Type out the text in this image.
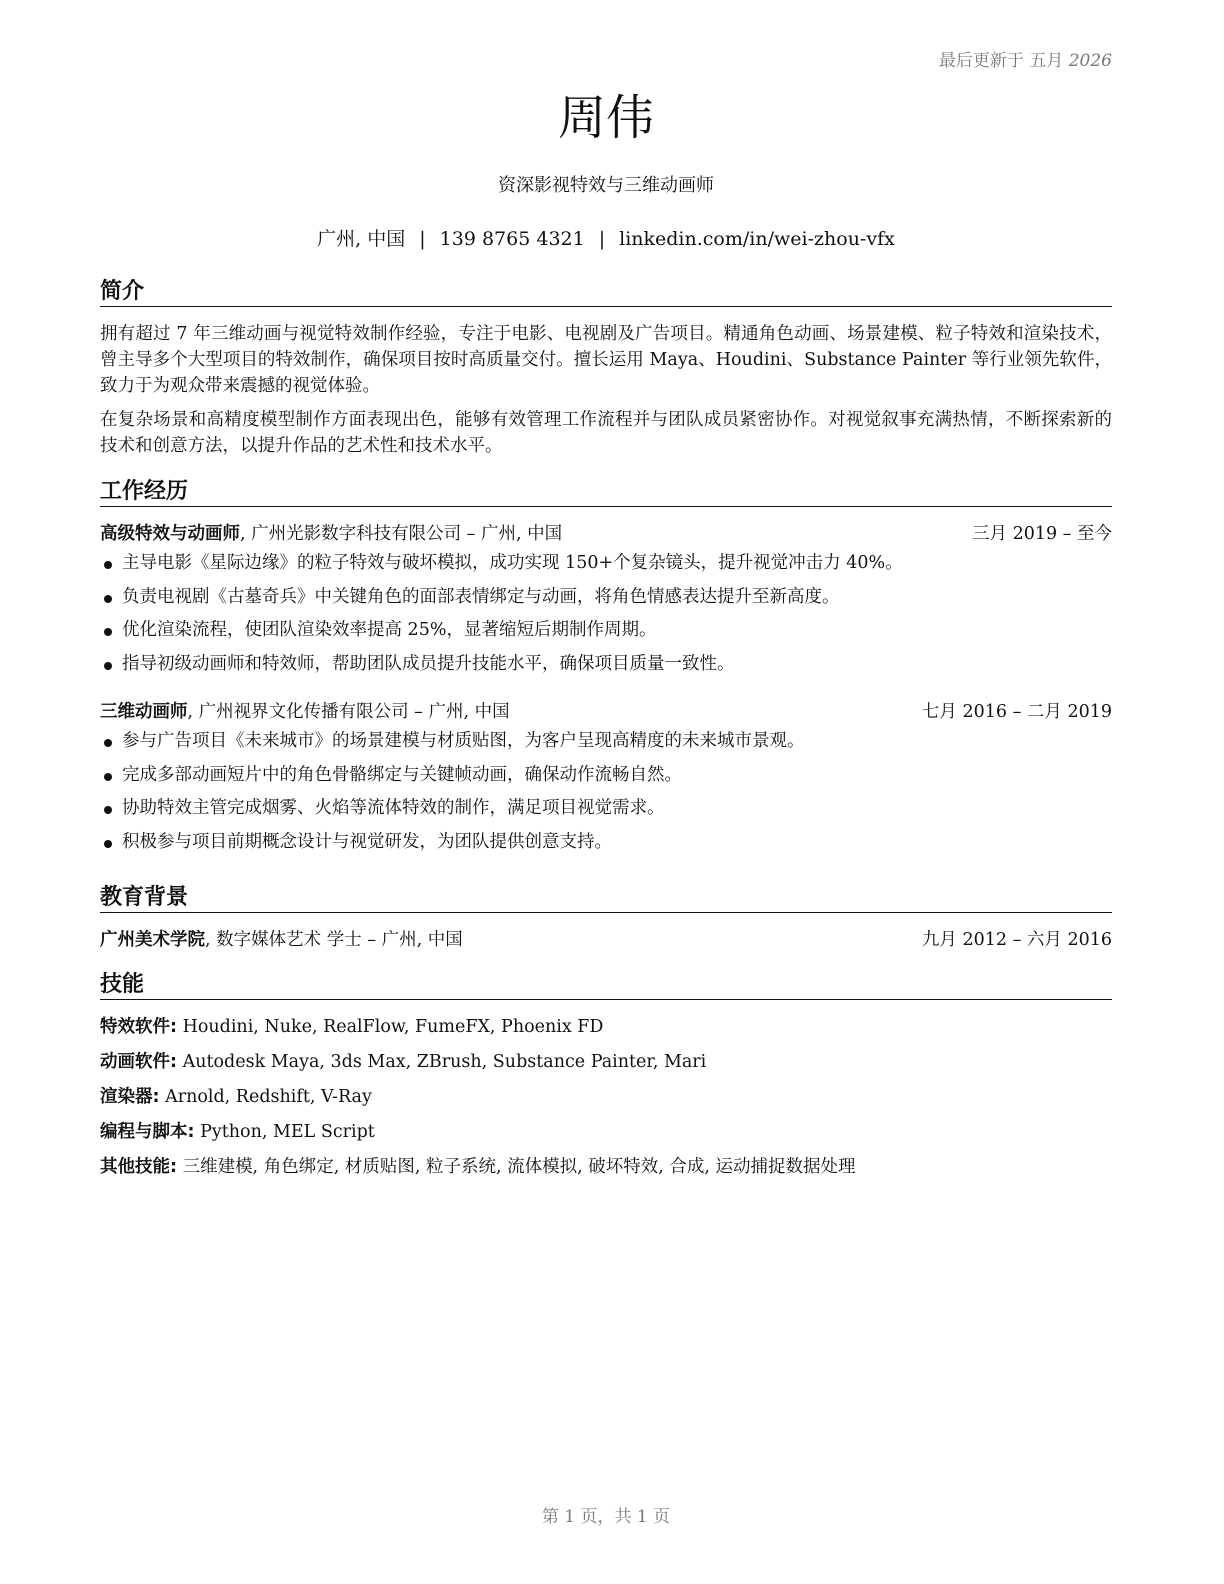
最后更新于 五月 2026
周伟
资深影视特效与三维动画师
广州, 中国 | 139 8765 4321 | linkedin.com/in/wei-zhou-vfx
简介

拥有超过 7 年三维动画与视觉特效制作经验，专注于电影、电视剧及广告项目。精通角色动画、场景建模、粒子特效和渲染技术，曾主导多个大型项目的特效制作，确保项目按时高质量交付。擅长运用 Maya、Houdini、Substance Painter 等行业领先软件，致力于为观众带来震撼的视觉体验。

在复杂场景和高精度模型制作方面表现出色，能够有效管理工作流程并与团队成员紧密协作。对视觉叙事充满热情，不断探索新的技术和创意方法，以提升作品的艺术性和技术水平。

工作经历
高级特效与动画师, 广州光影数字科技有限公司 – 广州, 中国	三月 2019 – 至今
主导电影《星际边缘》的粒子特效与破坏模拟，成功实现 150+个复杂镜头，提升视觉冲击力 40%。
负责电视剧《古墓奇兵》中关键角色的面部表情绑定与动画，将角色情感表达提升至新高度。
优化渲染流程，使团队渲染效率提高 25%，显著缩短后期制作周期。
指导初级动画师和特效师，帮助团队成员提升技能水平，确保项目质量一致性。
三维动画师, 广州视界文化传播有限公司 – 广州, 中国	七月 2016 – 二月 2019
参与广告项目《未来城市》的场景建模与材质贴图，为客户呈现高精度的未来城市景观。
完成多部动画短片中的角色骨骼绑定与关键帧动画，确保动作流畅自然。
协助特效主管完成烟雾、火焰等流体特效的制作，满足项目视觉需求。
积极参与项目前期概念设计与视觉研发，为团队提供创意支持。
教育背景
广州美术学院, 数字媒体艺术 学士 – 广州, 中国	九月 2012 – 六月 2016
技能
特效软件: Houdini, Nuke, RealFlow, FumeFX, Phoenix FD
动画软件: Autodesk Maya, 3ds Max, ZBrush, Substance Painter, Mari
渲染器: Arnold, Redshift, V-Ray
编程与脚本: Python, MEL Script
其他技能: 三维建模, 角色绑定, 材质贴图, 粒子系统, 流体模拟, 破坏特效, 合成, 运动捕捉数据处理
第 1 页，共 1 页
